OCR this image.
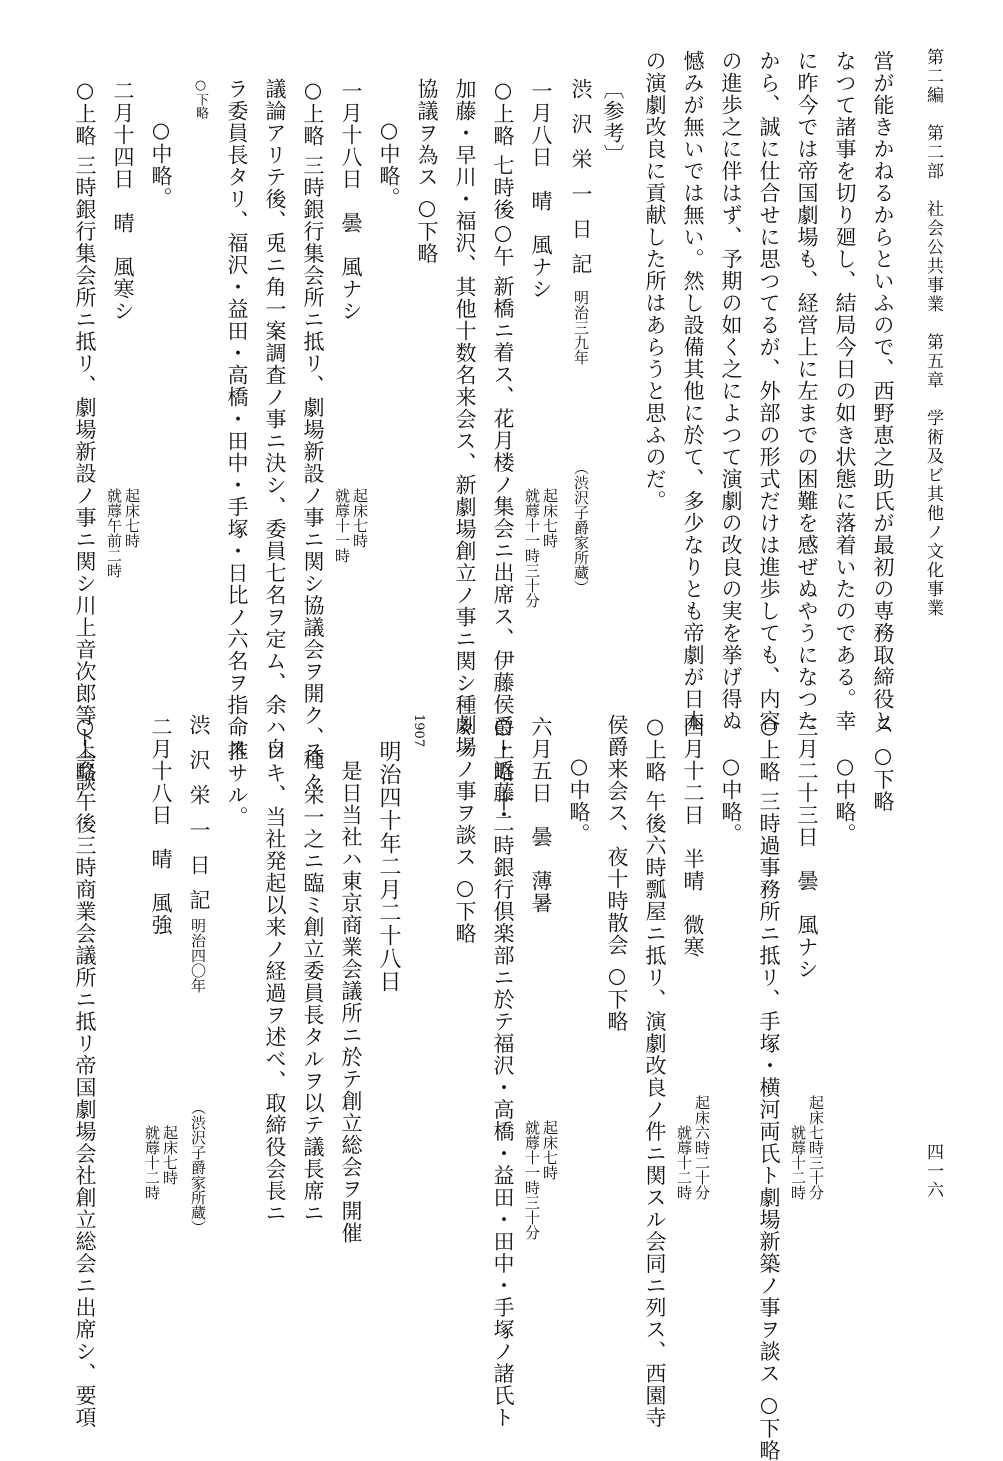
第二編　第二部　社会公共事業　第五章　学術及ビ其他ノ文化事業
四一六
営が能きかねるからといふので、西野恵之助氏が最初の専務取締役と
なつて諸事を切り廻し、結局今日の如き状態に落着いたのである。幸
に昨今では帝国劇場も、経営上に左までの困難を感ぜぬやうになつた
から、誠に仕合せに思つてるが、外部の形式だけは進歩しても、内容
の進歩之に伴はず、予期の如く之によつて演劇の改良の実を挙げ得ぬ
憾みが無いでは無い。然し設備其他に於て、多少なりとも帝劇が日本
の演劇改良に貢献した所はあらうと思ふのだ。
〔参考〕
渋沢栄一日記
明治三九年
（渋沢子爵家所蔵）
一月八日　晴　風ナシ
起床七時
就蓐十一時三十分
○上略 七時後○午 新橋ニ着ス、花月楼ノ集会ニ出席ス、伊藤侯爵・近藤・
加藤・早川・福沢、其他十数名来会ス、新劇場創立ノ事ニ関シ種々ノ
協議ヲ為ス ○下略
○中略。
一月十八日　曇　風ナシ
起床七時
就蓐十一時
○上略 三時銀行集会所ニ抵リ、劇場新設ノ事ニ関シ協議会ヲ開ク、種々
議論アリテ後、兎ニ角一案調査ノ事ニ決シ、委員七名ヲ定ム、余ハ自
ラ委員長タリ、福沢・益田・高橋・田中・手塚・日比ノ六名ヲ指命ス
○下略
○中略。
二月十四日　晴　風寒シ
起床七時
就蓐午前二時
○上略 三時銀行集会所ニ抵リ、劇場新設ノ事ニ関シ川上音次郎等ト会談	ス ○下略
○中略。
三月二十三日　曇　風ナシ
起床七時三十分
就蓐十二時
○上略 三時過事務所ニ抵リ、手塚・横河両氏ト劇場新築ノ事ヲ談ス ○下略
○中略。
四月十二日　半晴　微寒
起床六時二十分
就蓐十二時
○上略 午後六時瓢屋ニ抵リ、演劇改良ノ件ニ関スル会同ニ列ス、西園寺
侯爵来会ス、夜十時散会 ○下略
○中略。
六月五日　曇　薄暑
起床七時
就蓐十一時三十分
○上略 十二時銀行倶楽部ニ於テ福沢・高橋・益田・田中・手塚ノ諸氏ト
劇場ノ事ヲ談ス ○下略
1907
明治四十年二月二十八日
是日当社ハ東京商業会議所ニ於テ創立総会ヲ開催
ス。栄一之ニ臨ミ創立委員長タルヲ以テ議長席ニ
ツキ、当社発起以来ノ経過ヲ述べ、取締役会長ニ
推サル。
渋沢栄一日記
明治四〇年
（渋沢子爵家所蔵）
二月十八日　晴　風強
起床七時
就蓐十二時
○上略 午後三時商業会議所ニ抵リ帝国劇場会社創立総会ニ出席シ、要項
